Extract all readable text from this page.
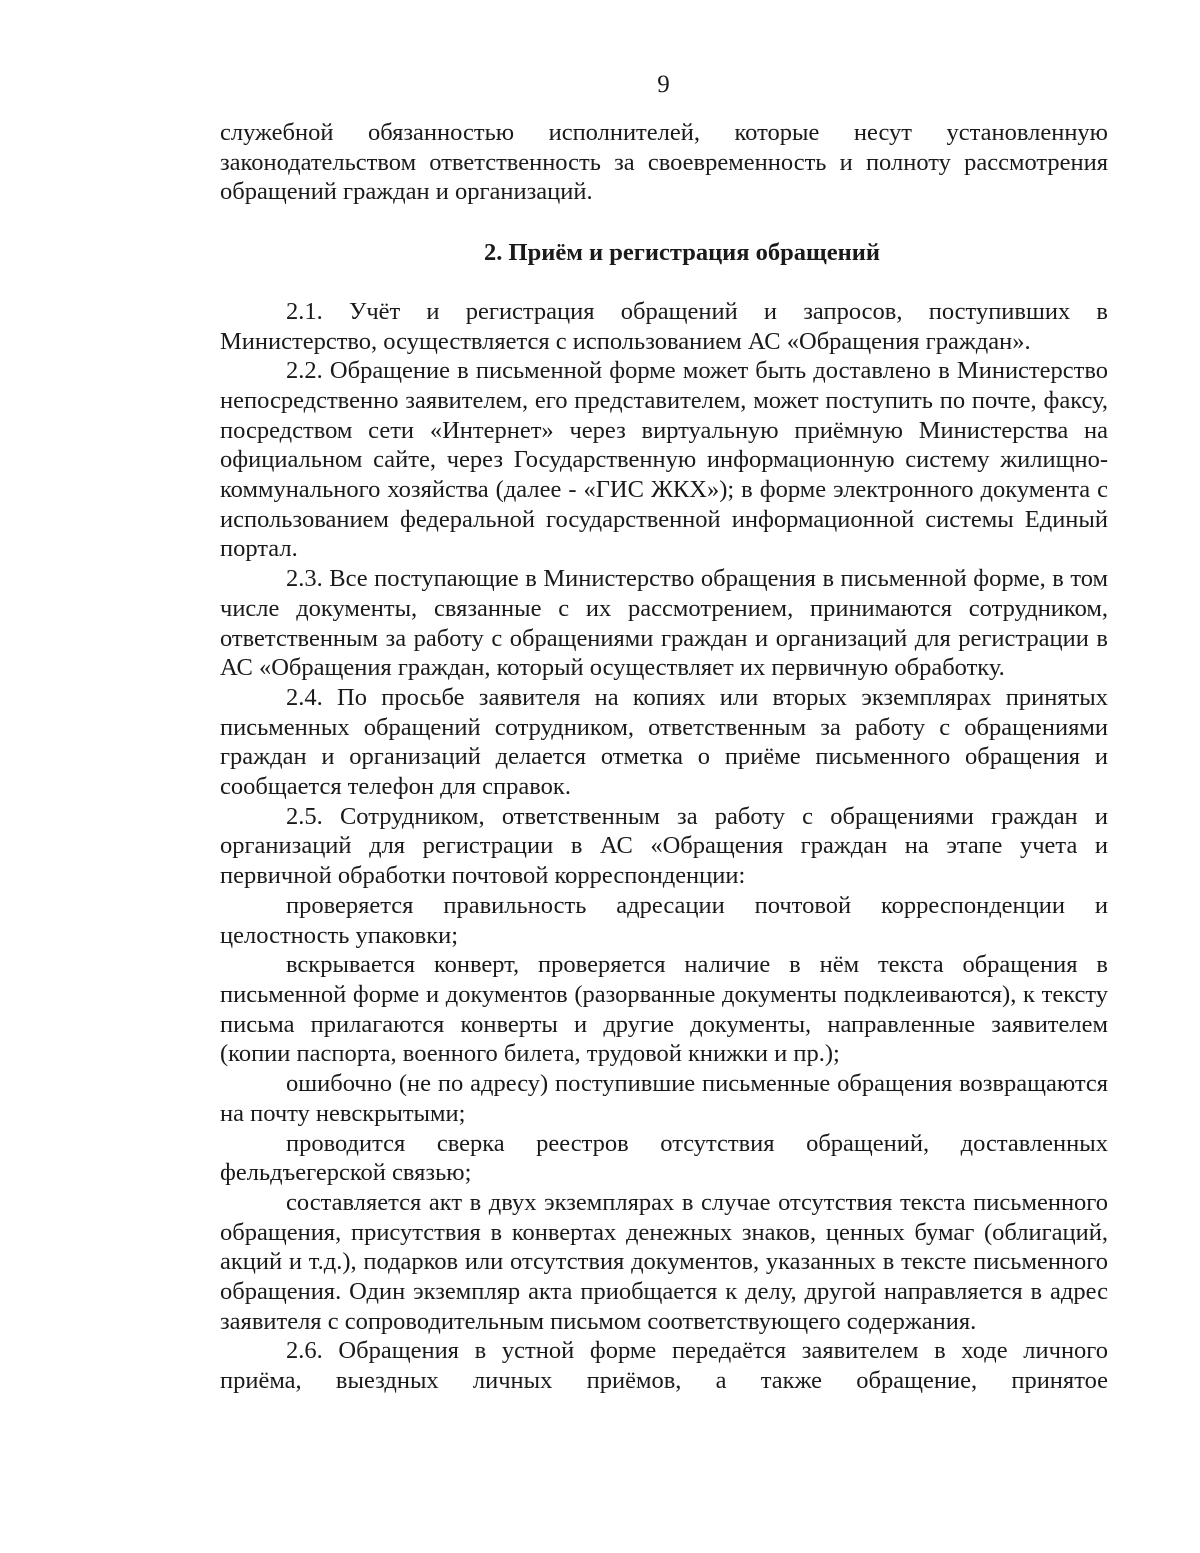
9

служебной обязанностью исполнителей, которые несут установленную законодательством ответственность за своевременность и полноту рассмотрения обращений граждан и организаций.

2. Приём и регистрация обращений

2.1. Учёт и регистрация обращений и запросов, поступивших в Министерство, осуществляется с использованием АС «Обращения граждан».

2.2. Обращение в письменной форме может быть доставлено в Министерство непосредственно заявителем, его представителем, может поступить по почте, факсу, посредством сети «Интернет» через виртуальную приёмную Министерства на официальном сайте, через Государственную информационную систему жилищно-коммунального хозяйства (далее - «ГИС ЖКХ»); в форме электронного документа с использованием федеральной государственной информационной системы Единый портал.

2.3. Все поступающие в Министерство обращения в письменной форме, в том числе документы, связанные с их рассмотрением, принимаются сотрудником, ответственным за работу с обращениями граждан и организаций для регистрации в АС «Обращения граждан, который осуществляет их первичную обработку.

2.4. По просьбе заявителя на копиях или вторых экземплярах принятых письменных обращений сотрудником, ответственным за работу с обращениями граждан и организаций делается отметка о приёме письменного обращения и сообщается телефон для справок.

2.5. Сотрудником, ответственным за работу с обращениями граждан и организаций для регистрации в АС «Обращения граждан на этапе учета и первичной обработки почтовой корреспонденции:

проверяется правильность адресации почтовой корреспонденции и целостность упаковки;

вскрывается конверт, проверяется наличие в нём текста обращения в письменной форме и документов (разорванные документы подклеиваются), к тексту письма прилагаются конверты и другие документы, направленные заявителем (копии паспорта, военного билета, трудовой книжки и пр.);

ошибочно (не по адресу) поступившие письменные обращения возвращаются на почту невскрытыми;

проводится сверка реестров отсутствия обращений, доставленных фельдъегерской связью;

составляется акт в двух экземплярах в случае отсутствия текста письменного обращения, присутствия в конвертах денежных знаков, ценных бумаг (облигаций, акций и т.д.), подарков или отсутствия документов, указанных в тексте письменного обращения. Один экземпляр акта приобщается к делу, другой направляется в адрес заявителя с сопроводительным письмом соответствующего содержания.

2.6. Обращения в устной форме передаётся заявителем в ходе личного приёма, выездных личных приёмов, а также обращение, принятое
